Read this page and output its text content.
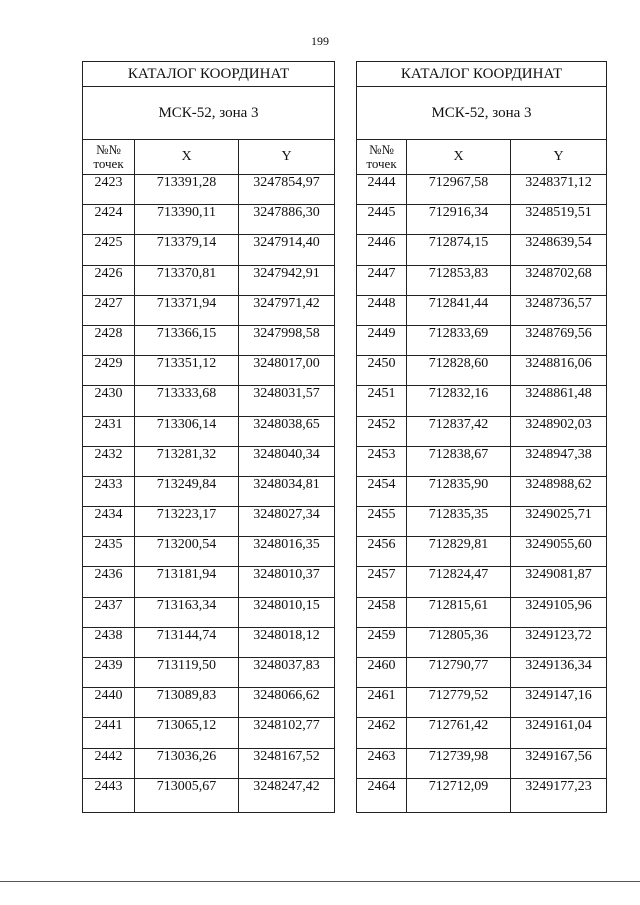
199
КАТАЛОГ КООРДИНАТ		
МСК-52, зона 3		

№№
точек	X	Y
2423	713391,28	3247854,97
2424	713390,11	3247886,30
2425	713379,14	3247914,40
2426	713370,81	3247942,91
2427	713371,94	3247971,42
2428	713366,15	3247998,58
2429	713351,12	3248017,00
2430	713333,68	3248031,57
2431	713306,14	3248038,65
2432	713281,32	3248040,34
2433	713249,84	3248034,81
2434	713223,17	3248027,34
2435	713200,54	3248016,35
2436	713181,94	3248010,37
2437	713163,34	3248010,15
2438	713144,74	3248018,12
2439	713119,50	3248037,83
2440	713089,83	3248066,62
2441	713065,12	3248102,77
2442	713036,26	3248167,52
2443	713005,67	3248247,42
КАТАЛОГ КООРДИНАТ		
МСК-52, зона 3		

№№
точек	X	Y
2444	712967,58	3248371,12
2445	712916,34	3248519,51
2446	712874,15	3248639,54
2447	712853,83	3248702,68
2448	712841,44	3248736,57
2449	712833,69	3248769,56
2450	712828,60	3248816,06
2451	712832,16	3248861,48
2452	712837,42	3248902,03
2453	712838,67	3248947,38
2454	712835,90	3248988,62
2455	712835,35	3249025,71
2456	712829,81	3249055,60
2457	712824,47	3249081,87
2458	712815,61	3249105,96
2459	712805,36	3249123,72
2460	712790,77	3249136,34
2461	712779,52	3249147,16
2462	712761,42	3249161,04
2463	712739,98	3249167,56
2464	712712,09	3249177,23
